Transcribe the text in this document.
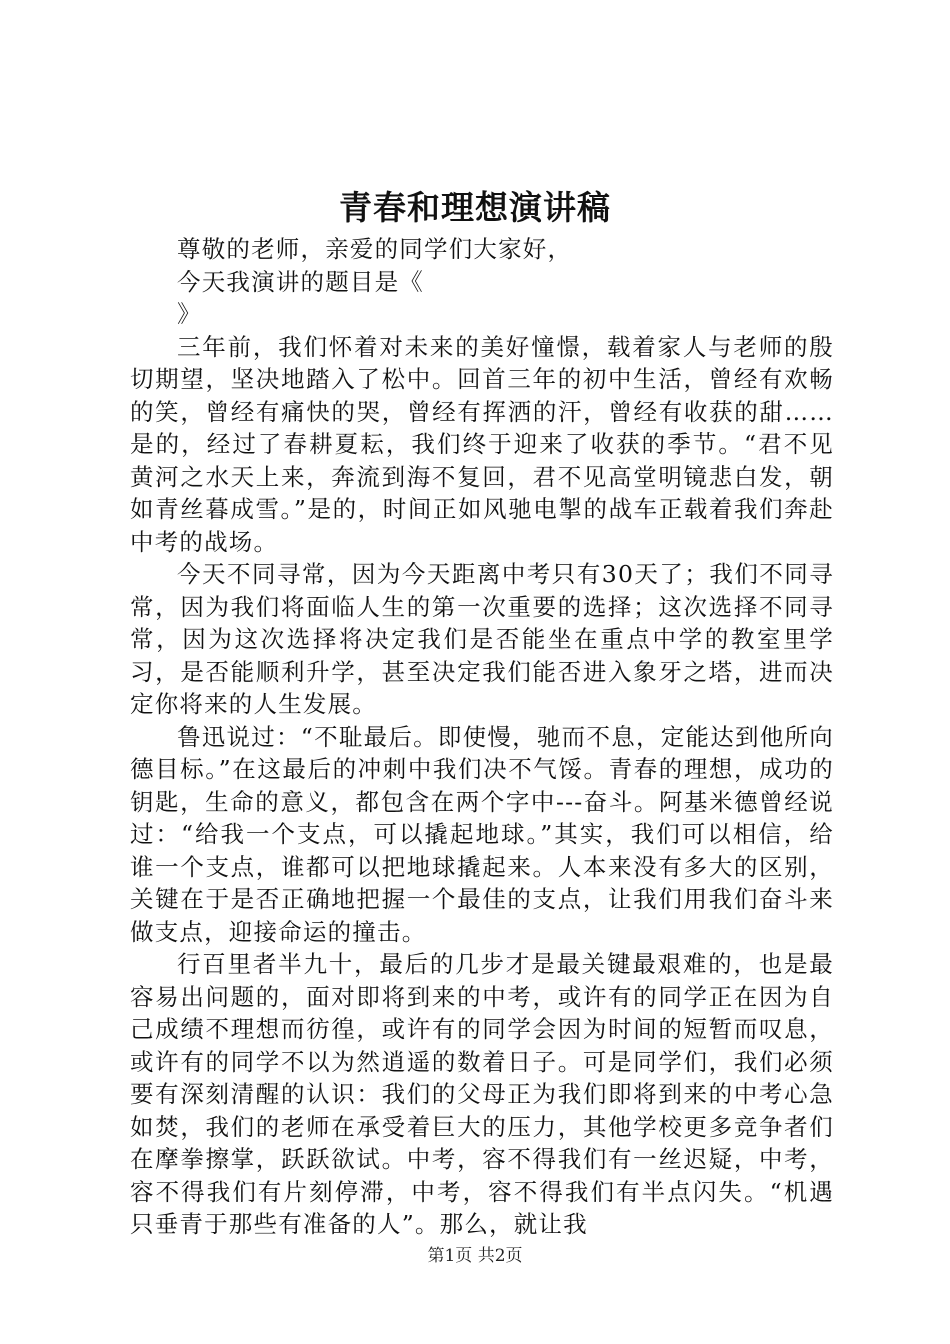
青春和理想演讲稿

尊敬的老师，亲爱的同学们大家好，

今天我演讲的题目是《

》

三年前，我们怀着对未来的美好憧憬，载着家人与老师的殷切期望，坚决地踏入了松中。回首三年的初中生活，曾经有欢畅的笑，曾经有痛快的哭，曾经有挥洒的汗，曾经有收获的甜……是的，经过了春耕夏耘，我们终于迎来了收获的季节。“君不见黄河之水天上来，奔流到海不复回，君不见高堂明镜悲白发，朝如青丝暮成雪。”是的，时间正如风驰电掣的战车正载着我们奔赴中考的战场。

今天不同寻常，因为今天距离中考只有30天了；我们不同寻常，因为我们将面临人生的第一次重要的选择；这次选择不同寻常，因为这次选择将决定我们是否能坐在重点中学的教室里学习，是否能顺利升学，甚至决定我们能否进入象牙之塔，进而决定你将来的人生发展。

鲁迅说过：“不耻最后。即使慢，驰而不息，定能达到他所向德目标。”在这最后的冲刺中我们决不气馁。青春的理想，成功的钥匙，生命的意义，都包含在两个字中---奋斗。阿基米德曾经说过：“给我一个支点，可以撬起地球。”其实，我们可以相信，给谁一个支点，谁都可以把地球撬起来。人本来没有多大的区别，关键在于是否正确地把握一个最佳的支点，让我们用我们奋斗来做支点，迎接命运的撞击。

行百里者半九十，最后的几步才是最关键最艰难的，也是最容易出问题的，面对即将到来的中考，或许有的同学正在因为自己成绩不理想而彷徨，或许有的同学会因为时间的短暂而叹息，或许有的同学不以为然逍遥的数着日子。可是同学们，我们必须要有深刻清醒的认识：我们的父母正为我们即将到来的中考心急如焚，我们的老师在承受着巨大的压力，其他学校更多竞争者们在摩拳擦掌，跃跃欲试。中考，容不得我们有一丝迟疑，中考，容不得我们有片刻停滞，中考，容不得我们有半点闪失。“机遇只垂青于那些有准备的人”。那么，就让我

第1页 共2页
